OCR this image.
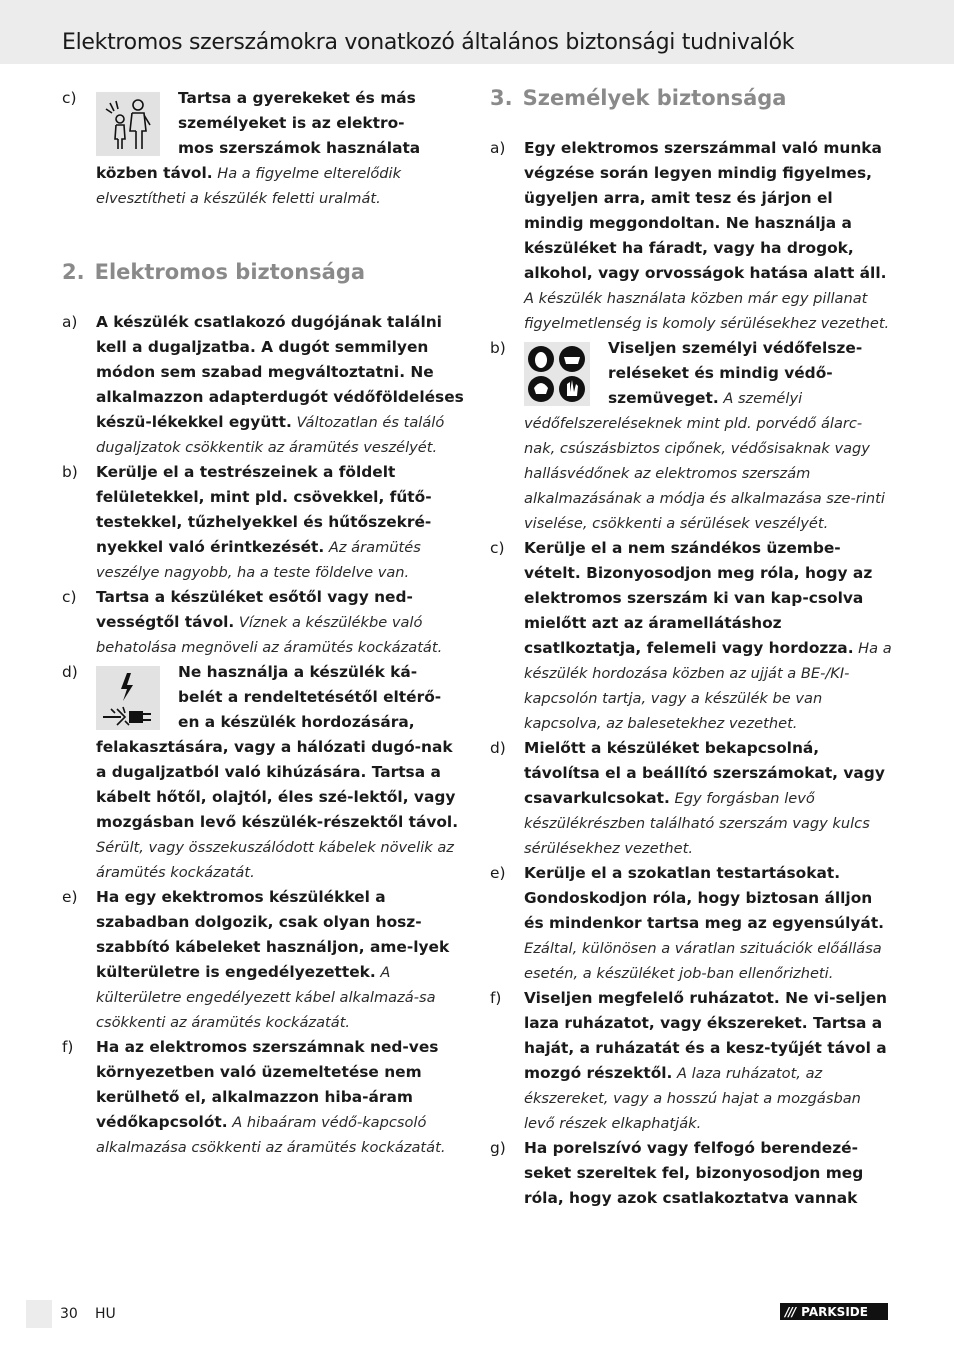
Elektromos szerszámokra vonatkozó általános biztonsági tudnivalók
c)	Tartsa a gyerekeket és más
személyeket is az elektro-
mos szerszámok használata
közben távol. Ha a figyelme elterelődik elvesztítheti a készülék feletti uralmát.
2. Elektromos biztonsága
a) A készülék csatlakozó dugójának találni kell a dugaljzatba. A dugót semmilyen módon sem szabad megváltoztatni. Ne alkalmazzon adapterdugót védőföldeléses készü-lékekkel együtt. Változatlan és találó dugaljzatok csökkentik az áramütés veszélyét.
b) Kerülje el a testrészeinek a földelt felületekkel, mint pld. csövekkel, fűtő-testekkel, tűzhelyekkel és hűtőszekré-nyekkel való érintkezését. Az áramütés veszélye nagyobb, ha a teste földelve van.
c) Tartsa a készüléket esőtől vagy ned-vességtől távol. Víznek a készülékbe való behatolása megnöveli az áramütés kockázatát.
d)	Ne használja a készülék ká-
belét a rendeltetésétől eltérő-
en a készülék hordozására,
felakasztására, vagy a hálózati dugó-nak a dugaljzatból való kihúzására. Tartsa a kábelt hőtől, olajtól, éles szé-lektől, vagy mozgásban levő készülék-részektől távol. Sérült, vagy összekuszálódott kábelek növelik az áramütés kockázatát.
e) Ha egy ekektromos készülékkel a szabadban dolgozik, csak olyan hosz-szabbító kábeleket használjon, ame-lyek külterületre is engedélyezettek. A külterületre engedélyezett kábel alkalmazá-sa csökkenti az áramütés kockázatát.
f) Ha az elektromos szerszámnak ned-ves környezetben való üzemeltetése nem kerülhető el, alkalmazzon hiba-áram védőkapcsolót. A hibaáram védő-kapcsoló alkalmazása csökkenti az áramütés kockázatát.
3. Személyek biztonsága
a) Egy elektromos szerszámmal való munka végzése során legyen mindig figyelmes, ügyeljen arra, amit tesz és járjon el mindig meggondoltan. Ne használja a készüléket ha fáradt, vagy ha drogok, alkohol, vagy orvosságok hatása alatt áll. A készülék használata közben már egy pillanat figyelmetlenség is komoly sérülésekhez vezethet.
b)	Viseljen személyi védőfelsze-
reléseket és mindig védő-
szemüveget. A személyi
védőfelszereléseknek mint pld. porvédő álarc-nak, csúszásbiztos cipőnek, védősisaknak vagy hallásvédőnek az elektromos szerszám alkalmazásának a módja és alkalmazása sze-rinti viselése, csökkenti a sérülések veszélyét.
c) Kerülje el a nem szándékos üzembe-vételt. Bizonyosodjon meg róla, hogy az elektromos szerszám ki van kap-csolva mielőtt azt az áramellátáshoz csatlkoztatja, felemeli vagy hordozza. Ha a készülék hordozása közben az ujját a BE-/KI-kapcsolón tartja, vagy a készülék be van kapcsolva, az balesetekhez vezethet.
d) Mielőtt a készüléket bekapcsolná, távolítsa el a beállító szerszámokat, vagy csavarkulcsokat. Egy forgásban levő készülékrészben található szerszám vagy kulcs sérülésekhez vezethet.
e) Kerülje el a szokatlan testartásokat. Gondoskodjon róla, hogy biztosan álljon és mindenkor tartsa meg az egyensúlyát. Ezáltal, különösen a váratlan szituációk előállása esetén, a készüléket job-ban ellenőrizheti.
f) Viseljen megfelelő ruházatot. Ne vi-seljen laza ruházatot, vagy ékszereket. Tartsa a haját, a ruházatát és a kesz-tyűjét távol a mozgó részektől. A laza ruházatot, az ékszereket, vagy a hosszú hajat a mozgásban levő részek elkaphatják.
g) Ha porelszívó vagy felfogó berendezé-seket szereltek fel, bizonyosodjon meg róla, hogy azok csatlakoztatva vannak
30 HU	/// PARKSIDE
